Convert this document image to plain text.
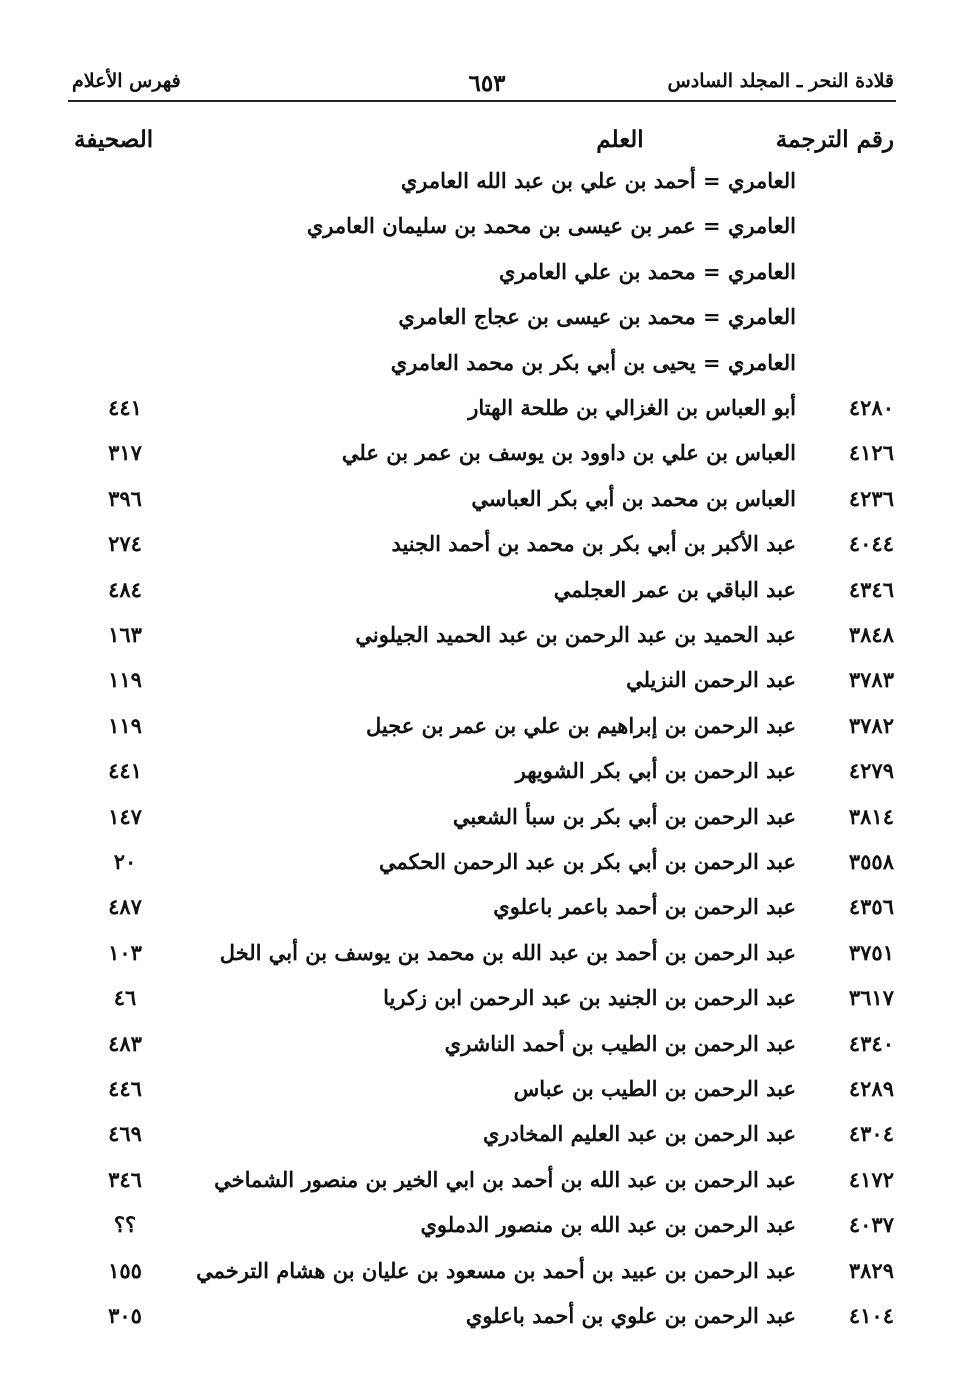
قلادة النحر ـ المجلد السادس
٦٥٣
فهرس الأعلام
رقم الترجمة
العلم
الصحيفة
العامري = أحمد بن علي بن عبد الله العامري
العامري = عمر بن عيسى بن محمد بن سليمان العامري
العامري = محمد بن علي العامري
العامري = محمد بن عيسى بن عجاج العامري
العامري = يحيى بن أبي بكر بن محمد العامري
٤٢٨٠
أبو العباس بن الغزالي بن طلحة الهتار
٤٤١
٤١٢٦
العباس بن علي بن داوود بن يوسف بن عمر بن علي
٣١٧
٤٢٣٦
العباس بن محمد بن أبي بكر العباسي
٣٩٦
٤٠٤٤
عبد الأكبر بن أبي بكر بن محمد بن أحمد الجنيد
٢٧٤
٤٣٤٦
عبد الباقي بن عمر العجلمي
٤٨٤
٣٨٤٨
عبد الحميد بن عبد الرحمن بن عبد الحميد الجيلوني
١٦٣
٣٧٨٣
عبد الرحمن النزيلي
١١٩
٣٧٨٢
عبد الرحمن بن إبراهيم بن علي بن عمر بن عجيل
١١٩
٤٢٧٩
عبد الرحمن بن أبي بكر الشويهر
٤٤١
٣٨١٤
عبد الرحمن بن أبي بكر بن سبأ الشعبي
١٤٧
٣٥٥٨
عبد الرحمن بن أبي بكر بن عبد الرحمن الحكمي
٢٠
٤٣٥٦
عبد الرحمن بن أحمد باعمر باعلوي
٤٨٧
٣٧٥١
عبد الرحمن بن أحمد بن عبد الله بن محمد بن يوسف بن أبي الخل
١٠٣
٣٦١٧
عبد الرحمن بن الجنيد بن عبد الرحمن ابن زكريا
٤٦
٤٣٤٠
عبد الرحمن بن الطيب بن أحمد الناشري
٤٨٣
٤٢٨٩
عبد الرحمن بن الطيب بن عباس
٤٤٦
٤٣٠٤
عبد الرحمن بن عبد العليم المخادري
٤٦٩
٤١٧٢
عبد الرحمن بن عبد الله بن أحمد بن ابي الخير بن منصور الشماخي
٣٤٦
٤٠٣٧
عبد الرحمن بن عبد الله بن منصور الدملوي
؟؟
٣٨٢٩
عبد الرحمن بن عبيد بن أحمد بن مسعود بن عليان بن هشام الترخمي
١٥٥
٤١٠٤
عبد الرحمن بن علوي بن أحمد باعلوي
٣٠٥
